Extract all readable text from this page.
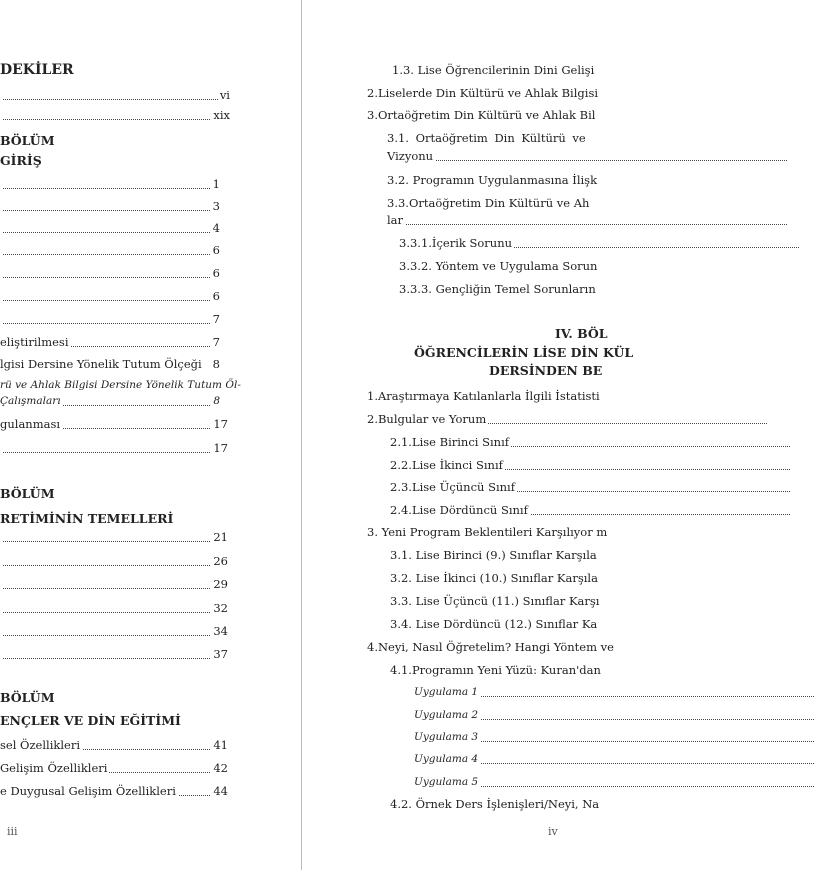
DEKİLER
vi
xix
BÖLÜM
GİRİŞ
1
3
4
6
6
6
7
eliştirilmesi	7
lgisi Dersine Yönelik Tutum Ölçeği 8
rü ve Ahlak Bilgisi Dersine Yönelik Tutum Öl-
Çalışmaları	8
gulanması	17
17
BÖLÜM
RETİMİNİN TEMELLERİ
21
26
29
32
34
37
BÖLÜM
ENÇLER VE DİN EĞİTİMİ
sel Özellikleri	41
Gelişim Özellikleri	42
e Duygusal Gelişim Özellikleri	44
iii
1.3. Lise Öğrencilerinin Dini Gelişi
2.Liselerde Din Kültürü ve Ahlak Bilgisi
3.Ortaöğretim Din Kültürü ve Ahlak Bil
3.1. Ortaöğretim Din Kültürü ve
Vizyonu
3.2. Programın Uygulanmasına İlişk
3.3.Ortaöğretim Din Kültürü ve Ah
lar
3.3.1.İçerik Sorunu
3.3.2. Yöntem ve Uygulama Sorun
3.3.3. Gençliğin Temel Sorunların
IV. BÖL
ÖĞRENCİLERİN LİSE DİN KÜL
DERSİNDEN BE
1.Araştırmaya Katılanlarla İlgili İstatisti
2.Bulgular ve Yorum
2.1.Lise Birinci Sınıf
2.2.Lise İkinci Sınıf
2.3.Lise Üçüncü Sınıf
2.4.Lise Dördüncü Sınıf
3. Yeni Program Beklentileri Karşılıyor m
3.1. Lise Birinci (9.) Sınıflar Karşıla
3.2. Lise İkinci (10.) Sınıflar Karşıla
3.3. Lise Üçüncü (11.) Sınıflar Karşı
3.4. Lise Dördüncü (12.) Sınıflar Ka
4.Neyi, Nasıl Öğretelim? Hangi Yöntem ve
4.1.Programın Yeni Yüzü: Kuran'dan
Uygulama 1
Uygulama 2
Uygulama 3
Uygulama 4
Uygulama 5
4.2. Örnek Ders İşlenişleri/Neyi, Na
iv
